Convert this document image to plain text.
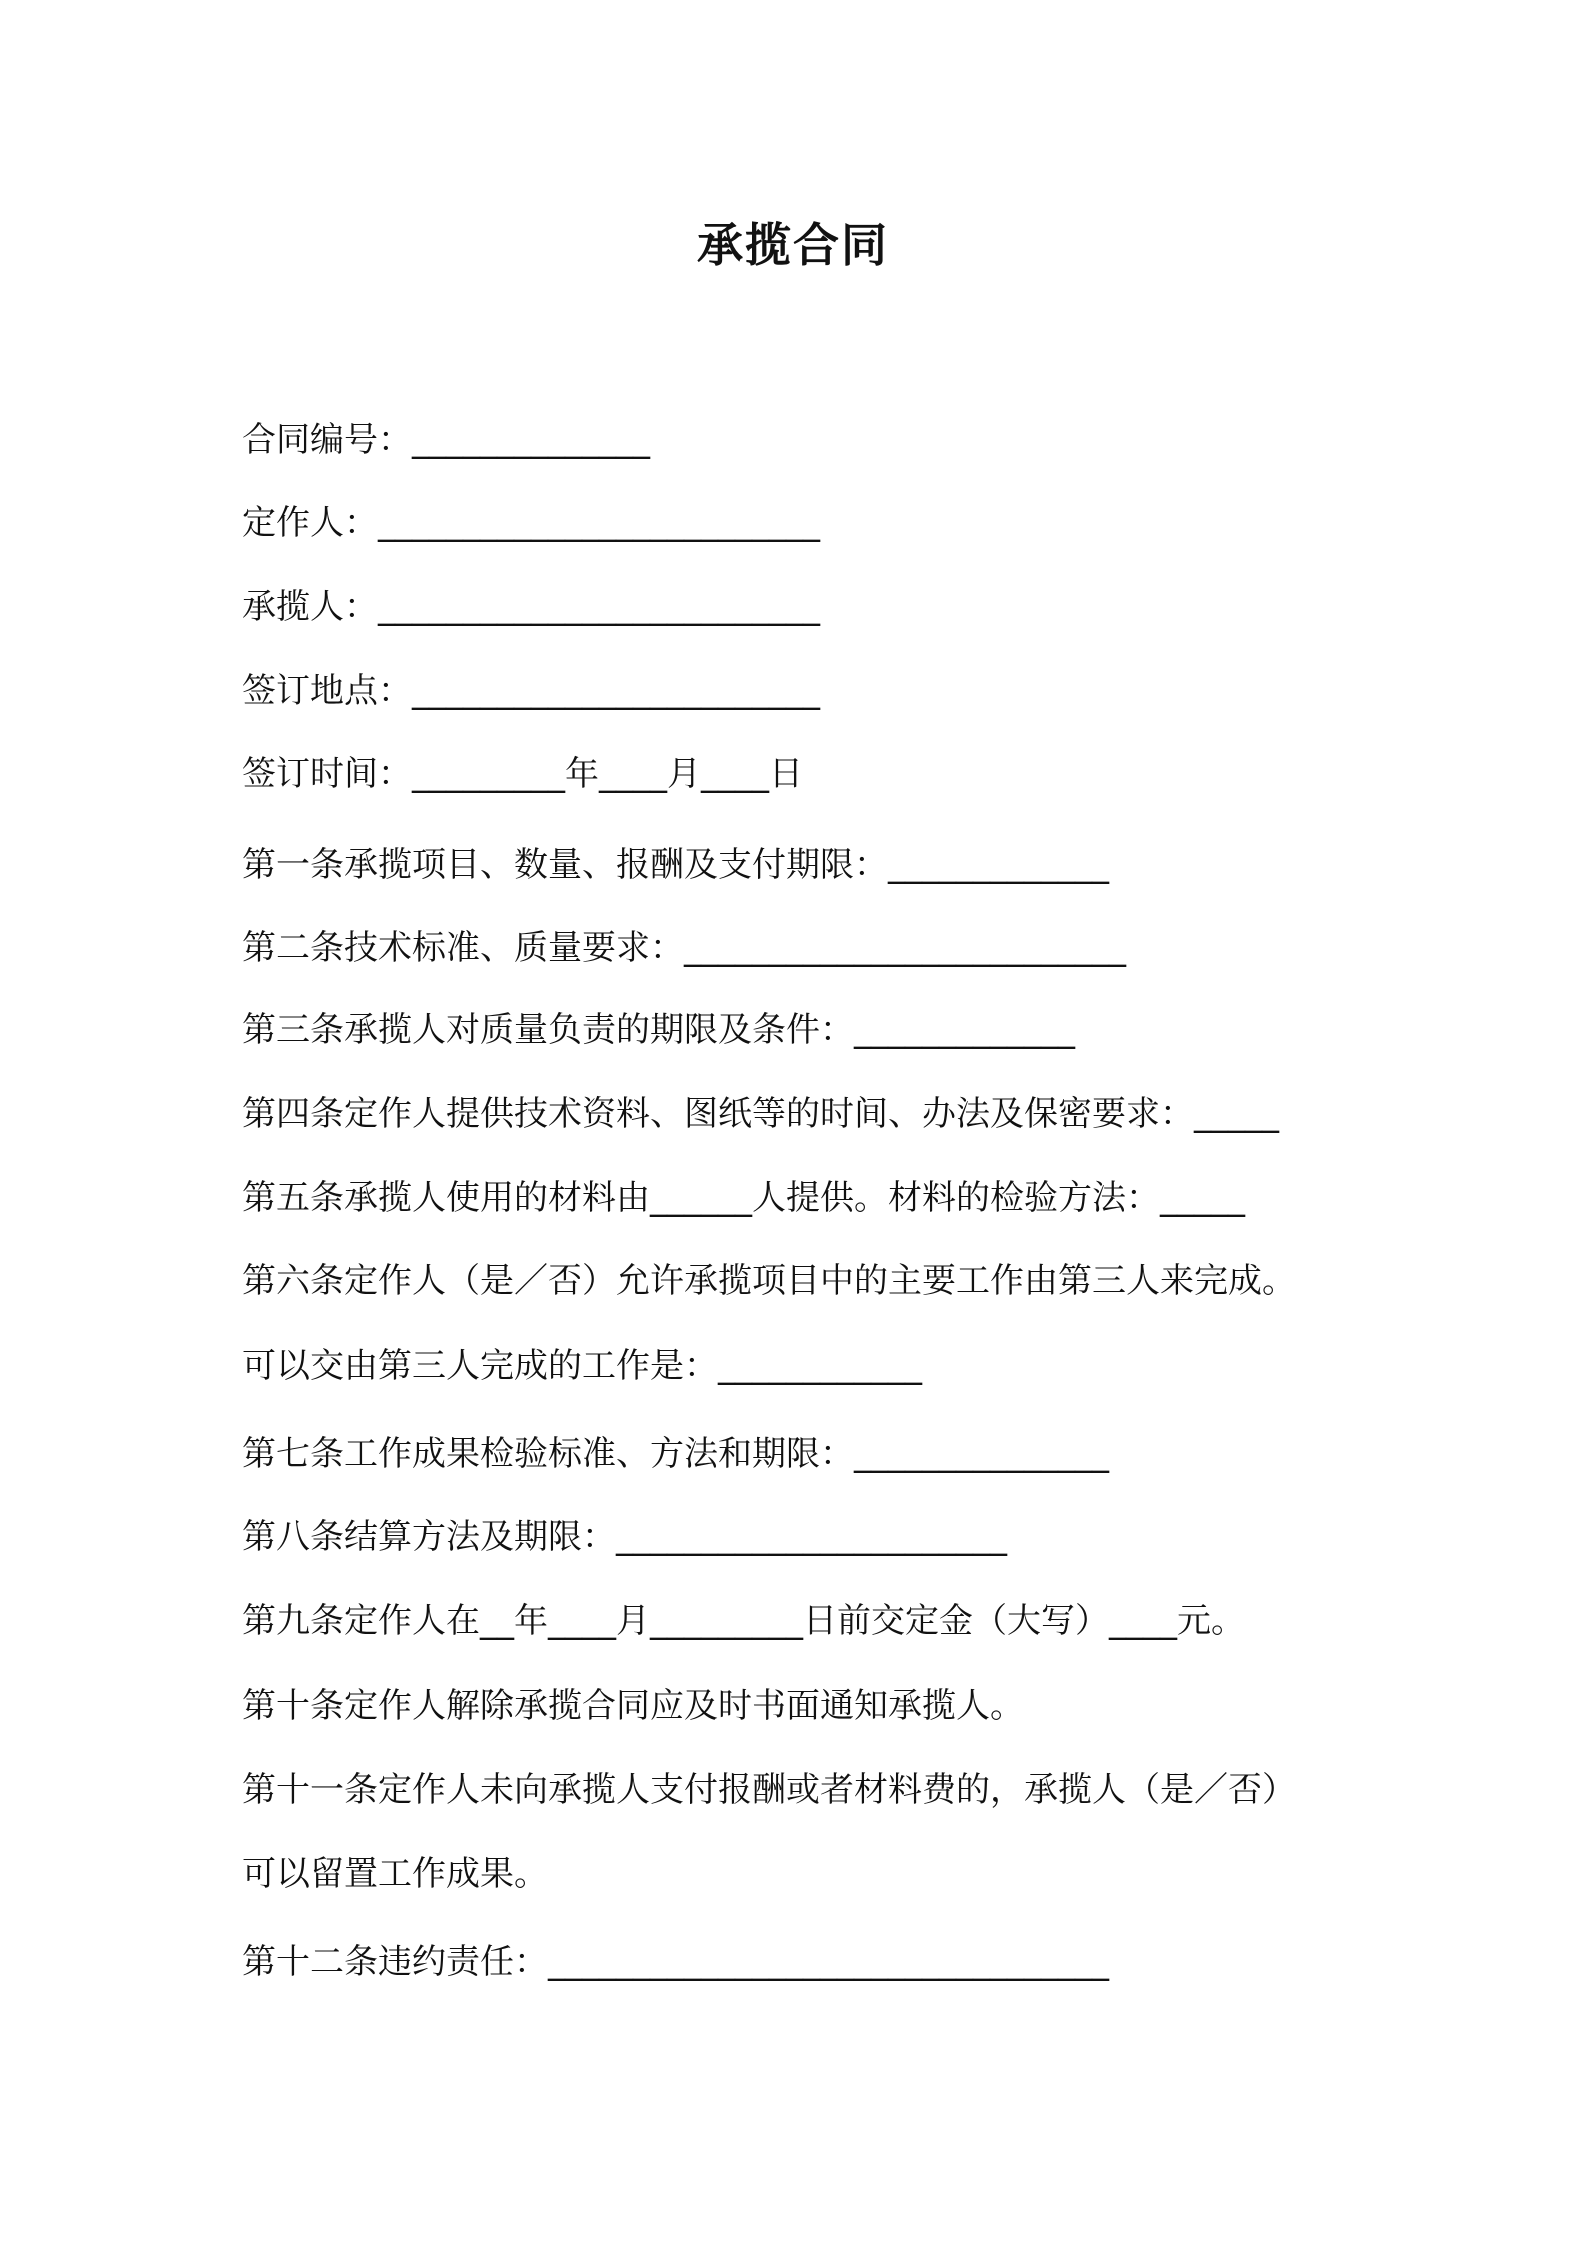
承揽合同
合同编号：______________
定作人：__________________________
承揽人：__________________________
签订地点：________________________
签订时间：_________年____月____日
第一条承揽项目、数量、报酬及支付期限：_____________
第二条技术标准、质量要求：__________________________
第三条承揽人对质量负责的期限及条件：_____________
第四条定作人提供技术资料、图纸等的时间、办法及保密要求：_____
第五条承揽人使用的材料由______人提供。材料的检验方法：_____
第六条定作人（是／否）允许承揽项目中的主要工作由第三人来完成。
可以交由第三人完成的工作是：____________
第七条工作成果检验标准、方法和期限：_______________
第八条结算方法及期限：_______________________
第九条定作人在__年____月_________日前交定金（大写）____元。
第十条定作人解除承揽合同应及时书面通知承揽人。
第十一条定作人未向承揽人支付报酬或者材料费的，承揽人（是／否）
可以留置工作成果。
第十二条违约责任：_________________________________
